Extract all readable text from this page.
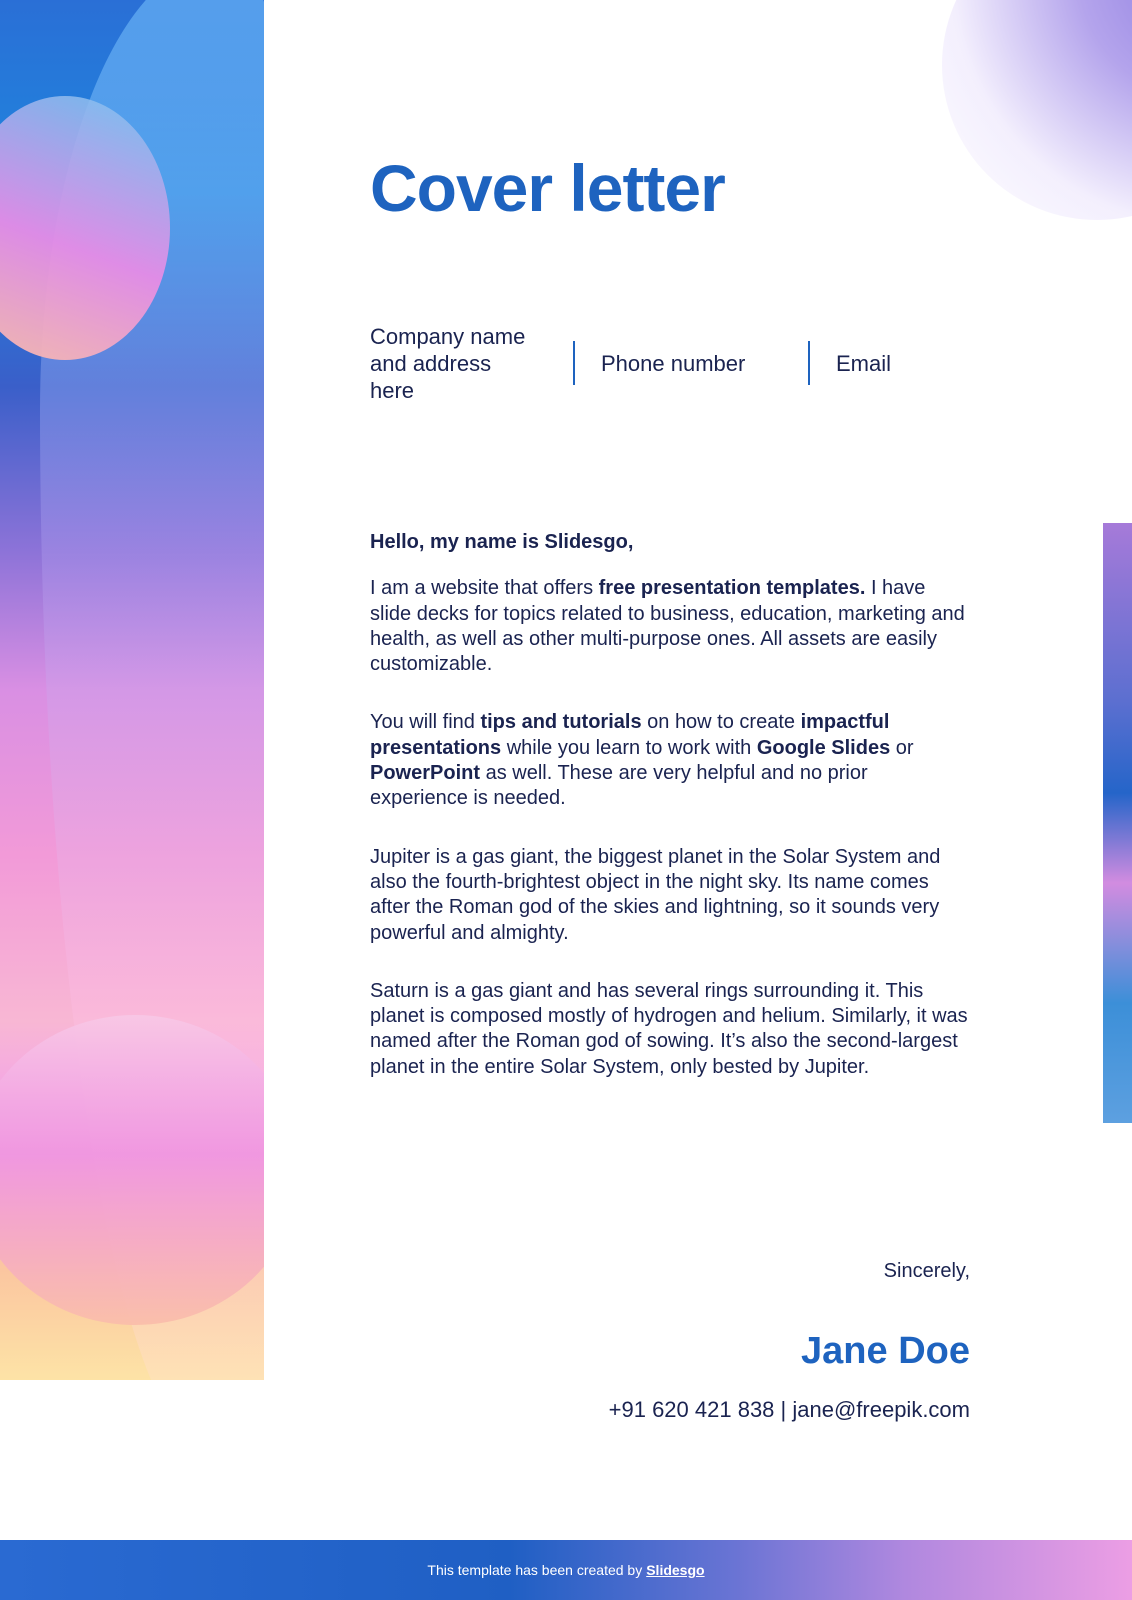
Cover letter
Company name
and address here
Phone number	Email

Hello, my name is Slidesgo,

I am a website that offers free presentation templates. I have slide decks for topics related to business, education, marketing and health, as well as other multi-purpose ones. All assets are easily customizable.

You will find tips and tutorials on how to create impactful presentations while you learn to work with Google Slides or PowerPoint as well. These are very helpful and no prior experience is needed.

Jupiter is a gas giant, the biggest planet in the Solar System and also the fourth-brightest object in the night sky. Its name comes after the Roman god of the skies and lightning, so it sounds very powerful and almighty.

Saturn is a gas giant and has several rings surrounding it. This planet is composed mostly of hydrogen and helium. Similarly, it was named after the Roman god of sowing. It’s also the second-largest planet in the entire Solar System, only bested by Jupiter.

Sincerely,
Jane Doe
+91 620 421 838 | jane@freepik.com
This template has been created by Slidesgo
